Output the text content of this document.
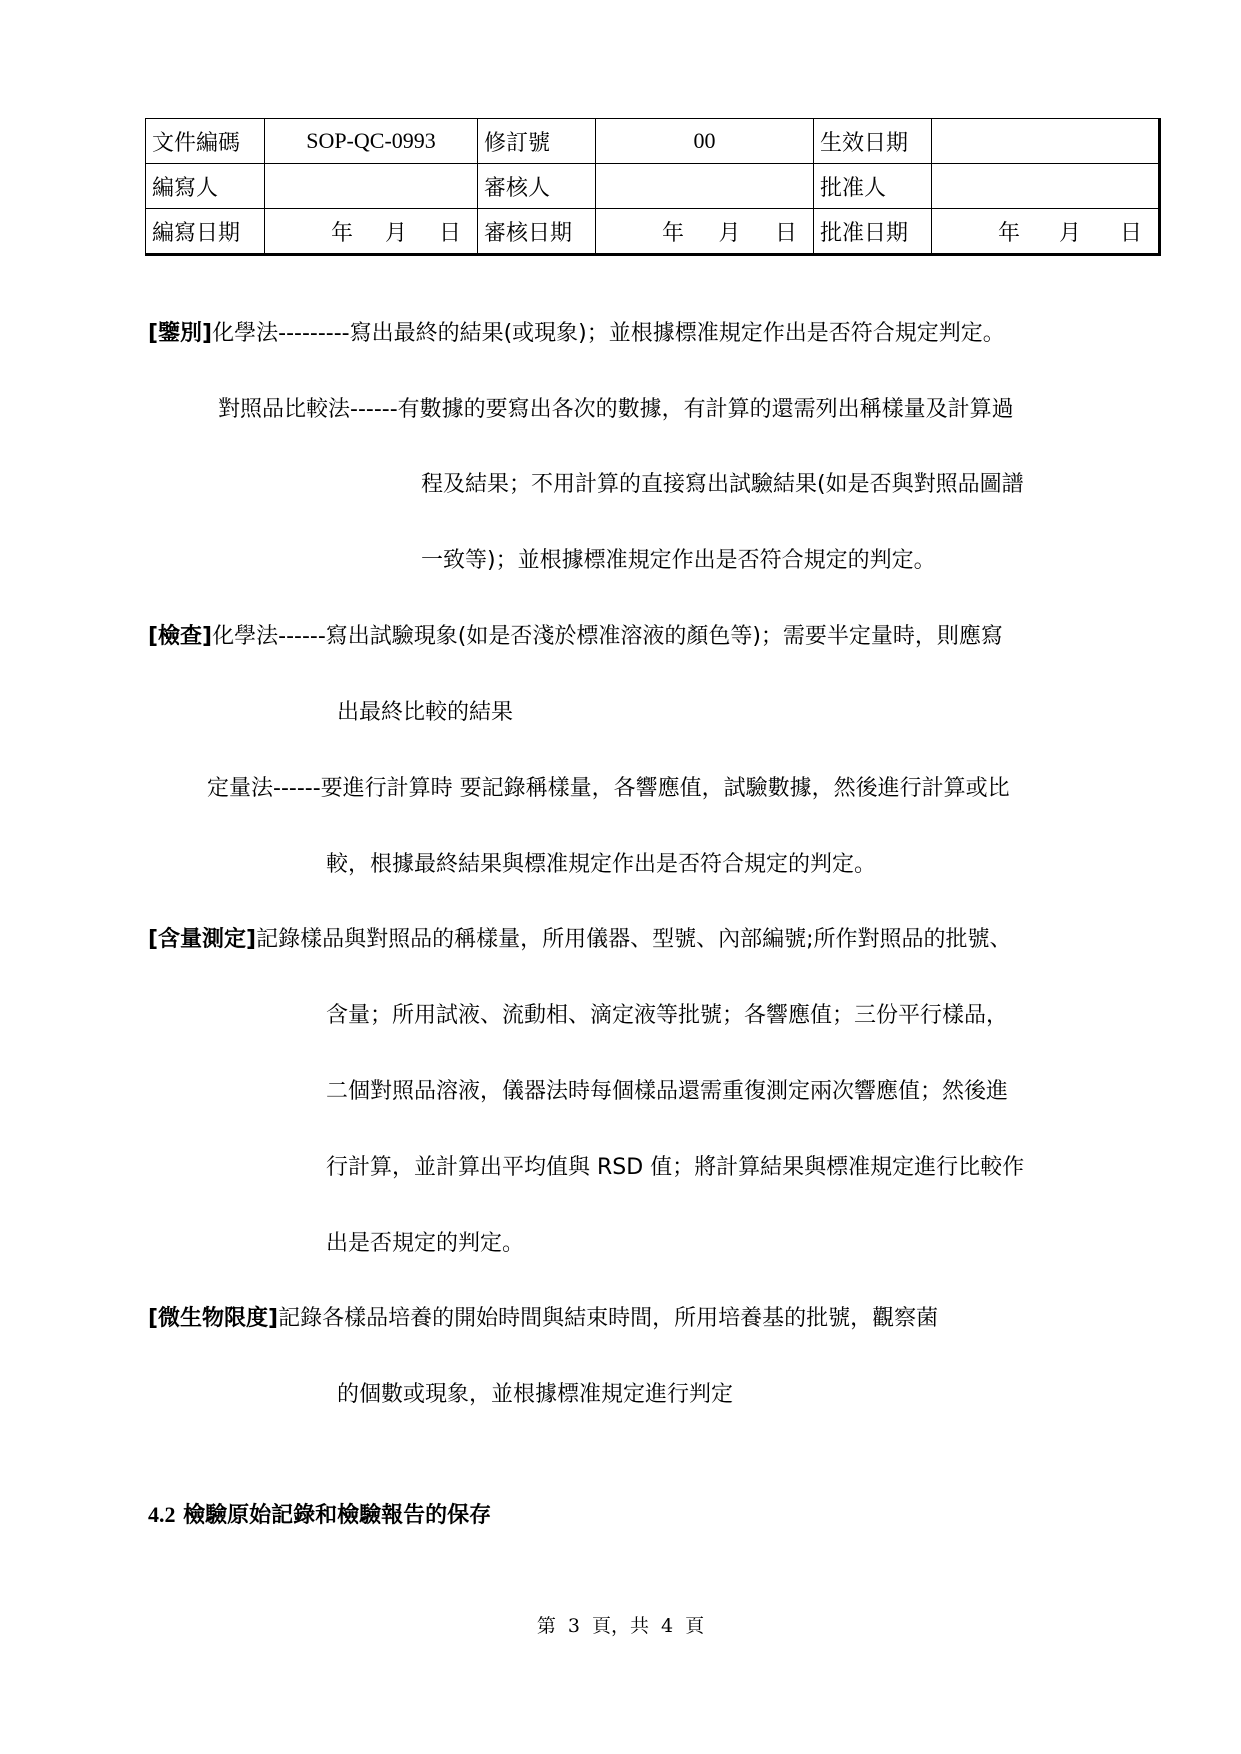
文件編碼	SOP-QC-0993	修訂號	00	生效日期	
編寫人		審核人		批准人	
編寫日期	年 月 日	審核日期	年 月 日	批准日期	年 月 日
[鑒別]化學法---------寫出最終的結果(或現象)；並根據標准規定作出是否符合規定判定。
對照品比較法------有數據的要寫出各次的數據，有計算的還需列出稱樣量及計算過
程及結果；不用計算的直接寫出試驗結果(如是否與對照品圖譜
一致等)；並根據標准規定作出是否符合規定的判定。
[檢查]化學法------寫出試驗現象(如是否淺於標准溶液的顏色等)；需要半定量時，則應寫
出最終比較的結果
定量法------要進行計算時 要記錄稱樣量，各響應值，試驗數據，然後進行計算或比
較，根據最終結果與標准規定作出是否符合規定的判定。
[含量測定]記錄樣品與對照品的稱樣量，所用儀器、型號、內部編號;所作對照品的批號、
含量；所用試液、流動相、滴定液等批號；各響應值；三份平行樣品，
二個對照品溶液，儀器法時每個樣品還需重復測定兩次響應值；然後進
行計算，並計算出平均值與 RSD 值；將計算結果與標准規定進行比較作
出是否規定的判定。
[微生物限度]記錄各樣品培養的開始時間與結束時間，所用培養基的批號，觀察菌
的個數或現象，並根據標准規定進行判定
4.2 檢驗原始記錄和檢驗報告的保存
第 3 頁，共 4 頁
